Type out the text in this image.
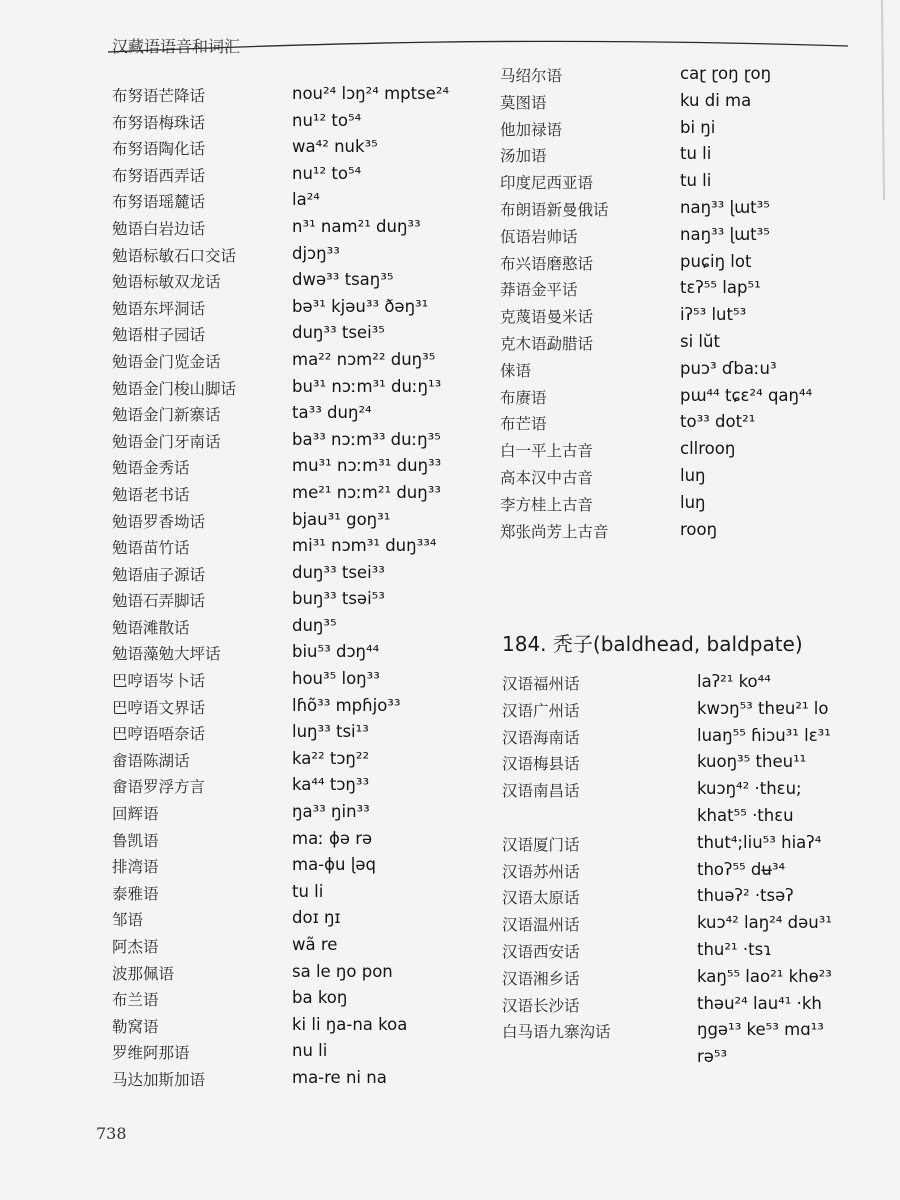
汉藏语语音和词汇
布努语芒降话	nou²⁴ lɔŋ²⁴ mptse²⁴
布努语梅珠话	nu¹² to⁵⁴
布努语陶化话	wa⁴² nuk³⁵
布努语西弄话	nu¹² to⁵⁴
布努语瑶麓话	la²⁴
勉语白岩边话	n³¹ nam²¹ duŋ³³
勉语标敏石口交话	djɔŋ³³
勉语标敏双龙话	dwə³³ tsaŋ³⁵
勉语东坪洞话	bə³¹ kjəu³³ ðəŋ³¹
勉语柑子园话	duŋ³³ tsei³⁵
勉语金门览金话	ma²² nɔm²² duŋ³⁵
勉语金门梭山脚话	bu³¹ nɔːm³¹ duːŋ¹³
勉语金门新寨话	ta³³ duŋ²⁴
勉语金门牙南话	ba³³ nɔːm³³ duːŋ³⁵
勉语金秀话	mu³¹ nɔːm³¹ duŋ³³
勉语老书话	me²¹ nɔːm²¹ duŋ³³
勉语罗香坳话	bjau³¹ goŋ³¹
勉语苗竹话	mi³¹ nɔm³¹ duŋ³³⁴
勉语庙子源话	duŋ³³ tsei³³
勉语石弄脚话	buŋ³³ tsəi⁵³
勉语滩散话	duŋ³⁵
勉语藻勉大坪话	biu⁵³ dɔŋ⁴⁴
巴哼语岑卜话	hou³⁵ loŋ³³
巴哼语文界话	lɦõ³³ mpɦjo³³
巴哼语唔奈话	luŋ³³ tsi¹³
畲语陈湖话	ka²² tɔŋ²²
畲语罗浮方言	ka⁴⁴ tɔŋ³³
回辉语	ŋa³³ ŋin³³
鲁凯语	maː ɸə rə
排湾语	ma-ɸu ɭəq
泰雅语	tu li
邹语	doɪ ŋɪ
阿杰语	wã re
波那佩语	sa le ŋo pon
布兰语	ba koŋ
勒窝语	ki li ŋa-na koa
罗维阿那语	nu li
马达加斯加语	ma-re ni na
马绍尔语	caɽ ɽoŋ ɽoŋ
莫图语	ku di ma
他加禄语	bi ŋi
汤加语	tu li
印度尼西亚语	tu li
布朗语新曼俄话	naŋ³³ ɭɯt³⁵
佤语岩帅话	naŋ³³ ɭɯt³⁵
布兴语磨憨话	puɕiŋ lot
莽语金平话	tɛʔ⁵⁵ lap⁵¹
克蔑语曼米话	iʔ⁵³ lut⁵³
克木语勐腊话	si lŭt
俫语	puɔ³ ɗbaːu³
布赓语	pɯ⁴⁴ tɕɛ²⁴ qaŋ⁴⁴
布芒语	to³³ dot²¹
白一平上古音	cllrooŋ
高本汉中古音	luŋ
李方桂上古音	luŋ
郑张尚芳上古音	rooŋ
184. 秃子(baldhead, baldpate)
汉语福州话	laʔ²¹ ko⁴⁴
汉语广州话	kwɔŋ⁵³ thɐu²¹ lo
汉语海南话	luaŋ⁵⁵ ɦiɔu³¹ lɛ³¹
汉语梅县话	kuoŋ³⁵ theu¹¹
汉语南昌话	kuɔŋ⁴² ·thɛu;
khat⁵⁵ ·thɛu
汉语厦门话	thut⁴;liu⁵³ hiaʔ⁴
汉语苏州话	thoʔ⁵⁵ dʉ³⁴
汉语太原话	thuəʔ² ·tsəʔ
汉语温州话	kuɔ⁴² laŋ²⁴ dəu³¹
汉语西安话	thu²¹ ·tsɿ
汉语湘乡话	kaŋ⁵⁵ lao²¹ khɵ²³
汉语长沙话	thəu²⁴ lau⁴¹ ·kh
白马语九寨沟话	ŋgə¹³ ke⁵³ mɑ¹³
rə⁵³
738
